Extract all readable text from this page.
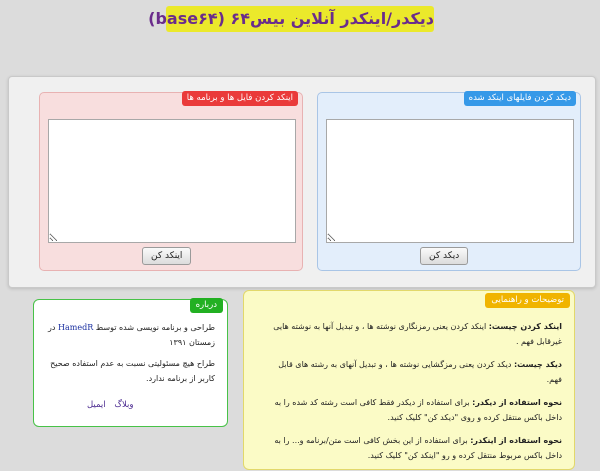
دیکدر/اینکدر آنلاین بیس۶۴ (base۶۴)
دیکد کردن فایلهای اینکد شده
دیکد کن
اینکد کردن فایل ها و برنامه ها
اینکد کن
توضیحات و راهنمایی

اینکد کردن چیست: اینکد کردن یعنی رمزنگاری نوشته ها ، و تبدیل آنها به نوشته هایی غیرقابل فهم .

دیکد چیست: دیکد کردن یعنی رمزگشایی نوشته ها ، و تبدیل آنهای به رشته های قابل فهم.

نحوه استفاده از دیکدر: برای استفاده از دیکدر فقط کافی است رشته کد شده را به داخل باکس منتقل کرده و روی "دیکد کن" کلیک کنید.

نحوه استفاده از اینکدر: برای استفاده از این بخش کافی است متن/برنامه و... را به داخل باکس مربوط منتقل کرده و رو "اینکد کن" کلیک کنید.

درباره

طراحی و برنامه نویسی شده توسط HamedR در زمستان ۱۳۹۱

طراح هیچ مسئولیتی نسبت به عدم استفاده صحیح کاربر از برنامه ندارد.

وبلاگ ایمیل
